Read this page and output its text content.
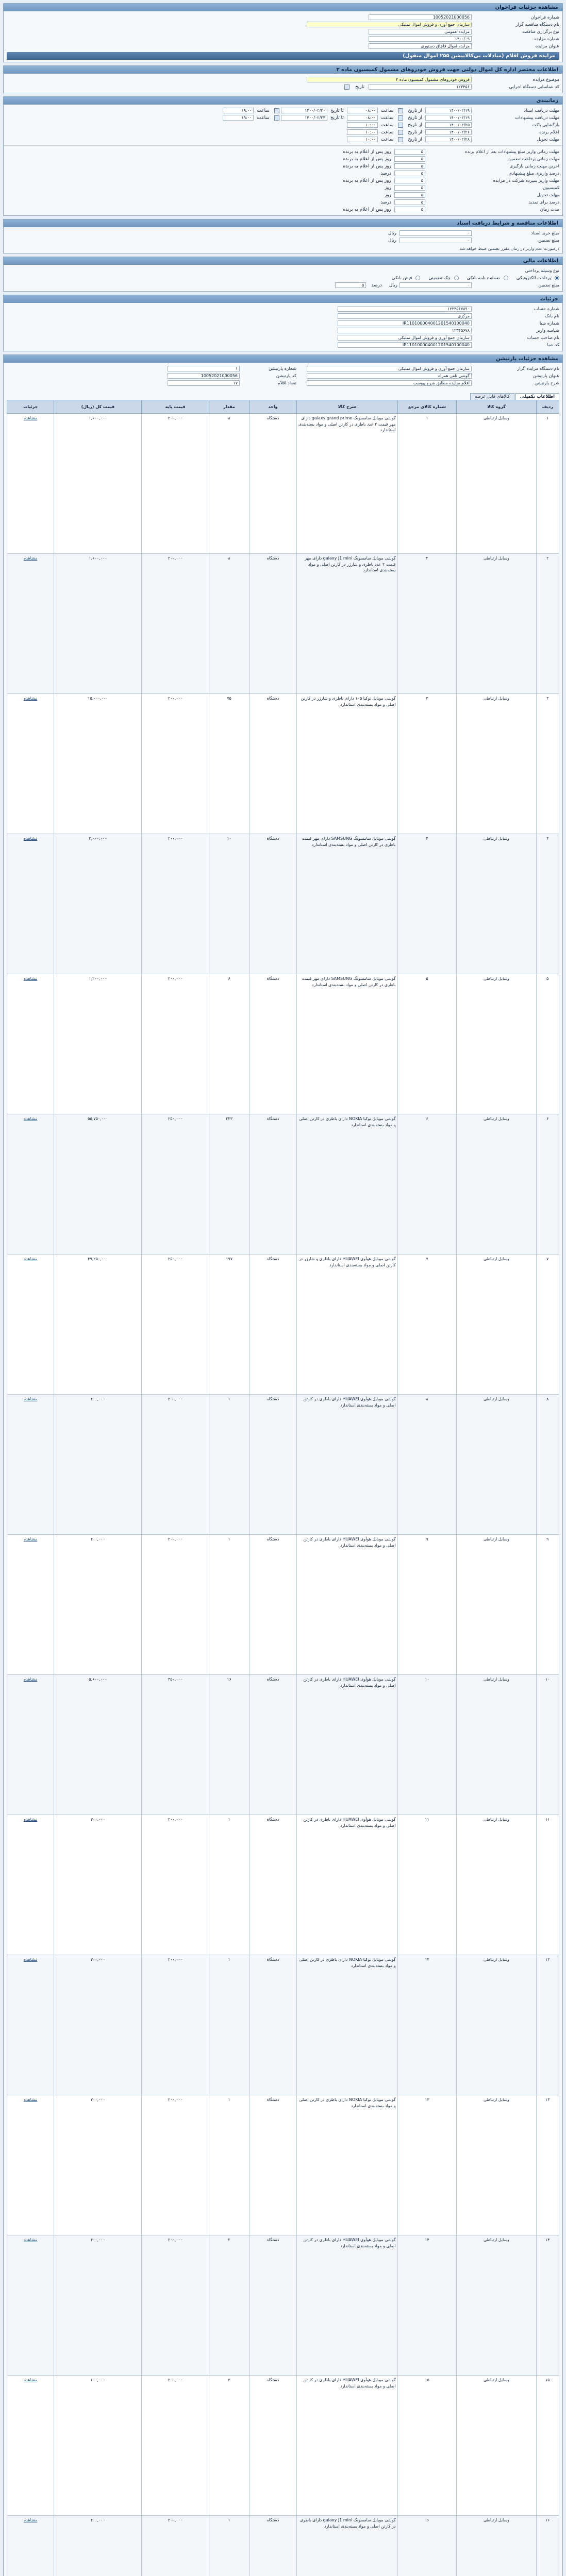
مشاهده جزئیات فراخوان
شماره فراخوان
10052021000056
نام دستگاه مناقصه گزار
سازمان جمع آوری و فروش اموال تملیکی
نوع برگزاری مناقصه
مزایده عمومی
شماره مزایده
۱۴۰۰/۰۹
عنوان مزایده
مزایده اموال قاچاق دستوری
مزایده فروش اقلام (مبادلات بی‌کالاییشن ۲۵۵ اموال منقول)
اطلاعات مختصر اداره کل اموال دولتی جهت فروش خودروهای مشمول کمیسیون ماده ۲
موضوع مزایده
فروش خودروهای مشمول کمیسیون ماده ۲
کد شناسایی دستگاه اجرایی
۱۲۳۴۵۶
تاریخ
زمانبندی
مهلت دریافت اسناد
۱۴۰۰/۰۲/۱۹
از تاریخ
ساعت
۰۸:۰۰
تا تاریخ
۱۴۰۰/۰۲/۲۰
ساعت
۱۹:۰۰
مهلت دریافت پیشنهادات
۱۴۰۰/۰۲/۱۹
از تاریخ
ساعت
۰۸:۰۰
تا تاریخ
۱۴۰۰/۰۲/۲۴
ساعت
۱۹:۰۰
بازگشایی پاکت
۱۴۰۰/۰۲/۲۵
از تاریخ
ساعت
۱۰:۰۰
اعلام برنده
۱۴۰۰/۰۲/۲۶
از تاریخ
ساعت
۱۰:۰۰
مهلت تحویل
۱۴۰۰/۰۲/۲۸
از تاریخ
ساعت
۱۰:۰۰
مهلت زمانی واریز مبلغ پیشنهادات بعد از اعلام برنده
۵
روز پس از اعلام به برنده
مهلت زمانی پرداخت تضمین
۵
روز پس از اعلام به برنده
آخرین مهلت زمانی بارگیری
۵
روز پس از اعلام به برنده
درصد واریزی مبلغ پیشنهادی
۵
درصد
مهلت واریز سپرده شرکت در مزایده
۵
روز پس از اعلام به برنده
کمیسیون
۵
روز
مهلت تحویل
۵
روز
درصد برای تمدید
۵
درصد
مدت زمان
۵
روز پس از اعلام به برنده
اطلاعات مناقصه و شرایط دریافت اسناد
مبلغ خرید اسناد
۰
ریال
مبلغ تضمین
۰
ریال
درصورت عدم واریز در زمان مقرر تضمین ضبط خواهد شد
اطلاعات مالی
نوع وسیله پرداختی
پرداخت الکترونیکی
ضمانت نامه بانکی
چک تضمینی
فیش بانکی
مبلغ تضمین
۰
ریال
درصد
۵
جزئیات
شماره حساب
۱۲۳۴۵۶۷۸۹۰
نام بانک
مرکزی
شماره شبا
IR110100004001201540100040
شناسه واریز
۱۲۳۴۵۶۷۸
نام صاحب حساب
سازمان جمع آوری و فروش اموال تملیکی
کد شبا
IR110100004001201540100040
مشاهده جزئیات پارتیشن
نام دستگاه مزایده گزار
سازمان جمع آوری و فروش اموال تملیکی
شماره پارتیشن
۱
عنوان پارتیشن
گوشی تلفن همراه
کد پارتیشن
10052021000056
شرح پارتیشن
اقلام مزایده مطابق شرح پیوست
تعداد اقلام
۱۷
اطلاعات تکمیلی
کالاهای قابل عرضه
ردیف	گروه کالا	شماره کالای مرجع	شرح کالا	واحد	مقدار	قیمت پایه	قیمت کل (ریال)	جزئیات
۱	وسایل ارتباطی	۱	گوشی موبایل سامسونگ galaxy grand prime دارای مهر قیمت ۲ عدد باطری در کارتن اصلی و مواد بسته‌بندی استاندارد	دستگاه	۸	۲۰۰,۰۰۰	۱,۶۰۰,۰۰۰	مشاهده
۲	وسایل ارتباطی	۲	گوشی موبایل سامسونگ galaxy J1 mini دارای مهر قیمت ۲ عدد باطری و شارژر در کارتن اصلی و مواد بسته‌بندی استاندارد	دستگاه	۸	۲۰۰,۰۰۰	۱,۶۰۰,۰۰۰	مشاهده
۳	وسایل ارتباطی	۳	گوشی موبایل نوکیا ۱۰۵ دارای باطری و شارژر در کارتن اصلی و مواد بسته‌بندی استاندارد	دستگاه	۷۵	۲۰۰,۰۰۰	۱۵,۰۰۰,۰۰۰	مشاهده
۴	وسایل ارتباطی	۴	گوشی موبایل سامسونگ SAMSUNG دارای مهر قیمت باطری در کارتن اصلی و مواد بسته‌بندی استاندارد	دستگاه	۱۰	۲۰۰,۰۰۰	۲,۰۰۰,۰۰۰	مشاهده
۵	وسایل ارتباطی	۵	گوشی موبایل سامسونگ SAMSUNG دارای مهر قیمت باطری در کارتن اصلی و مواد بسته‌بندی استاندارد	دستگاه	۶	۲۰۰,۰۰۰	۱,۲۰۰,۰۰۰	مشاهده
۶	وسایل ارتباطی	۶	گوشی موبایل نوکیا NOKIA دارای باطری در کارتن اصلی و مواد بسته‌بندی استاندارد	دستگاه	۲۲۳	۲۵۰,۰۰۰	۵۵,۷۵۰,۰۰۰	مشاهده
۷	وسایل ارتباطی	۷	گوشی موبایل هوآوی HUAWEI دارای باطری و شارژر در کارتن اصلی و مواد بسته‌بندی استاندارد	دستگاه	۱۹۷	۲۵۰,۰۰۰	۴۹,۲۵۰,۰۰۰	مشاهده
۸	وسایل ارتباطی	۸	گوشی موبایل هوآوی HUAWEI دارای باطری در کارتن اصلی و مواد بسته‌بندی استاندارد	دستگاه	۱	۲۰۰,۰۰۰	۲۰۰,۰۰۰	مشاهده
۹	وسایل ارتباطی	۹	گوشی موبایل هوآوی HUAWEI دارای باطری در کارتن اصلی و مواد بسته‌بندی استاندارد	دستگاه	۱	۲۰۰,۰۰۰	۲۰۰,۰۰۰	مشاهده
۱۰	وسایل ارتباطی	۱۰	گوشی موبایل هوآوی HUAWEI دارای باطری در کارتن اصلی و مواد بسته‌بندی استاندارد	دستگاه	۱۶	۳۵۰,۰۰۰	۵,۶۰۰,۰۰۰	مشاهده
۱۱	وسایل ارتباطی	۱۱	گوشی موبایل هوآوی HUAWEI دارای باطری در کارتن اصلی و مواد بسته‌بندی استاندارد	دستگاه	۱	۲۰۰,۰۰۰	۲۰۰,۰۰۰	مشاهده
۱۲	وسایل ارتباطی	۱۲	گوشی موبایل نوکیا NOKIA دارای باطری در کارتن اصلی و مواد بسته‌بندی استاندارد	دستگاه	۱	۲۰۰,۰۰۰	۲۰۰,۰۰۰	مشاهده
۱۳	وسایل ارتباطی	۱۳	گوشی موبایل نوکیا NOKIA دارای باطری در کارتن اصلی و مواد بسته‌بندی استاندارد	دستگاه	۱	۲۰۰,۰۰۰	۲۰۰,۰۰۰	مشاهده
۱۴	وسایل ارتباطی	۱۴	گوشی موبایل هوآوی HUAWEI دارای باطری در کارتن اصلی و مواد بسته‌بندی استاندارد	دستگاه	۲	۲۰۰,۰۰۰	۴۰۰,۰۰۰	مشاهده
۱۵	وسایل ارتباطی	۱۵	گوشی موبایل هوآوی HUAWEI دارای باطری در کارتن اصلی و مواد بسته‌بندی استاندارد	دستگاه	۳	۲۰۰,۰۰۰	۶۰۰,۰۰۰	مشاهده
۱۶	وسایل ارتباطی	۱۶	گوشی موبایل سامسونگ galaxy J1 mini دارای باطری در کارتن اصلی و مواد بسته‌بندی استاندارد	دستگاه	۱	۲۰۰,۰۰۰	۲۰۰,۰۰۰	مشاهده
